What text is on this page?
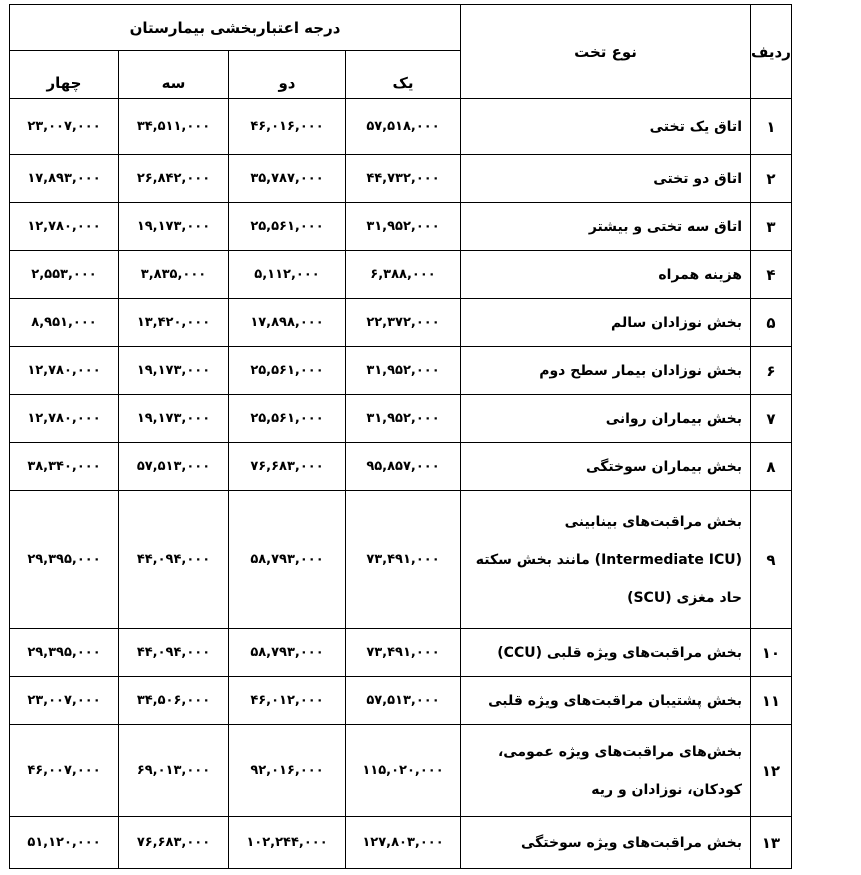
ردیف	نوع تخت	درجه اعتباربخشی بیمارستان			
		یک	دو	سه	چهار
۱	اتاق یک تختی	۵۷,۵۱۸,۰۰۰	۴۶,۰۱۶,۰۰۰	۳۴,۵۱۱,۰۰۰	۲۳,۰۰۷,۰۰۰
۲	اتاق دو تختی	۴۴,۷۳۲,۰۰۰	۳۵,۷۸۷,۰۰۰	۲۶,۸۴۲,۰۰۰	۱۷,۸۹۳,۰۰۰
۳	اتاق سه تختی و بیشتر	۳۱,۹۵۲,۰۰۰	۲۵,۵۶۱,۰۰۰	۱۹,۱۷۳,۰۰۰	۱۲,۷۸۰,۰۰۰
۴	هزینه همراه	۶,۳۸۸,۰۰۰	۵,۱۱۲,۰۰۰	۳,۸۳۵,۰۰۰	۲,۵۵۳,۰۰۰
۵	بخش نوزادان سالم	۲۲,۳۷۲,۰۰۰	۱۷,۸۹۸,۰۰۰	۱۳,۴۲۰,۰۰۰	۸,۹۵۱,۰۰۰
۶	بخش نوزادان بیمار سطح دوم	۳۱,۹۵۲,۰۰۰	۲۵,۵۶۱,۰۰۰	۱۹,۱۷۳,۰۰۰	۱۲,۷۸۰,۰۰۰
۷	بخش بیماران روانی	۳۱,۹۵۲,۰۰۰	۲۵,۵۶۱,۰۰۰	۱۹,۱۷۳,۰۰۰	۱۲,۷۸۰,۰۰۰
۸	بخش بیماران سوختگی	۹۵,۸۵۷,۰۰۰	۷۶,۶۸۳,۰۰۰	۵۷,۵۱۳,۰۰۰	۳۸,۳۴۰,۰۰۰
۹	بخش مراقبت‌های بینابینی (Intermediate ICU) مانند بخش سکته حاد مغزی (SCU)	۷۳,۴۹۱,۰۰۰	۵۸,۷۹۳,۰۰۰	۴۴,۰۹۴,۰۰۰	۲۹,۳۹۵,۰۰۰
۱۰	بخش مراقبت‌های ویژه قلبی (CCU)	۷۳,۴۹۱,۰۰۰	۵۸,۷۹۳,۰۰۰	۴۴,۰۹۴,۰۰۰	۲۹,۳۹۵,۰۰۰
۱۱	بخش پشتیبان مراقبت‌های ویژه قلبی	۵۷,۵۱۳,۰۰۰	۴۶,۰۱۲,۰۰۰	۳۴,۵۰۶,۰۰۰	۲۳,۰۰۷,۰۰۰
۱۲	بخش‌های مراقبت‌های ویژه عمومی، کودکان، نوزادان و ریه	۱۱۵,۰۲۰,۰۰۰	۹۲,۰۱۶,۰۰۰	۶۹,۰۱۳,۰۰۰	۴۶,۰۰۷,۰۰۰
۱۳	بخش مراقبت‌های ویژه سوختگی	۱۲۷,۸۰۳,۰۰۰	۱۰۲,۲۴۴,۰۰۰	۷۶,۶۸۳,۰۰۰	۵۱,۱۲۰,۰۰۰
